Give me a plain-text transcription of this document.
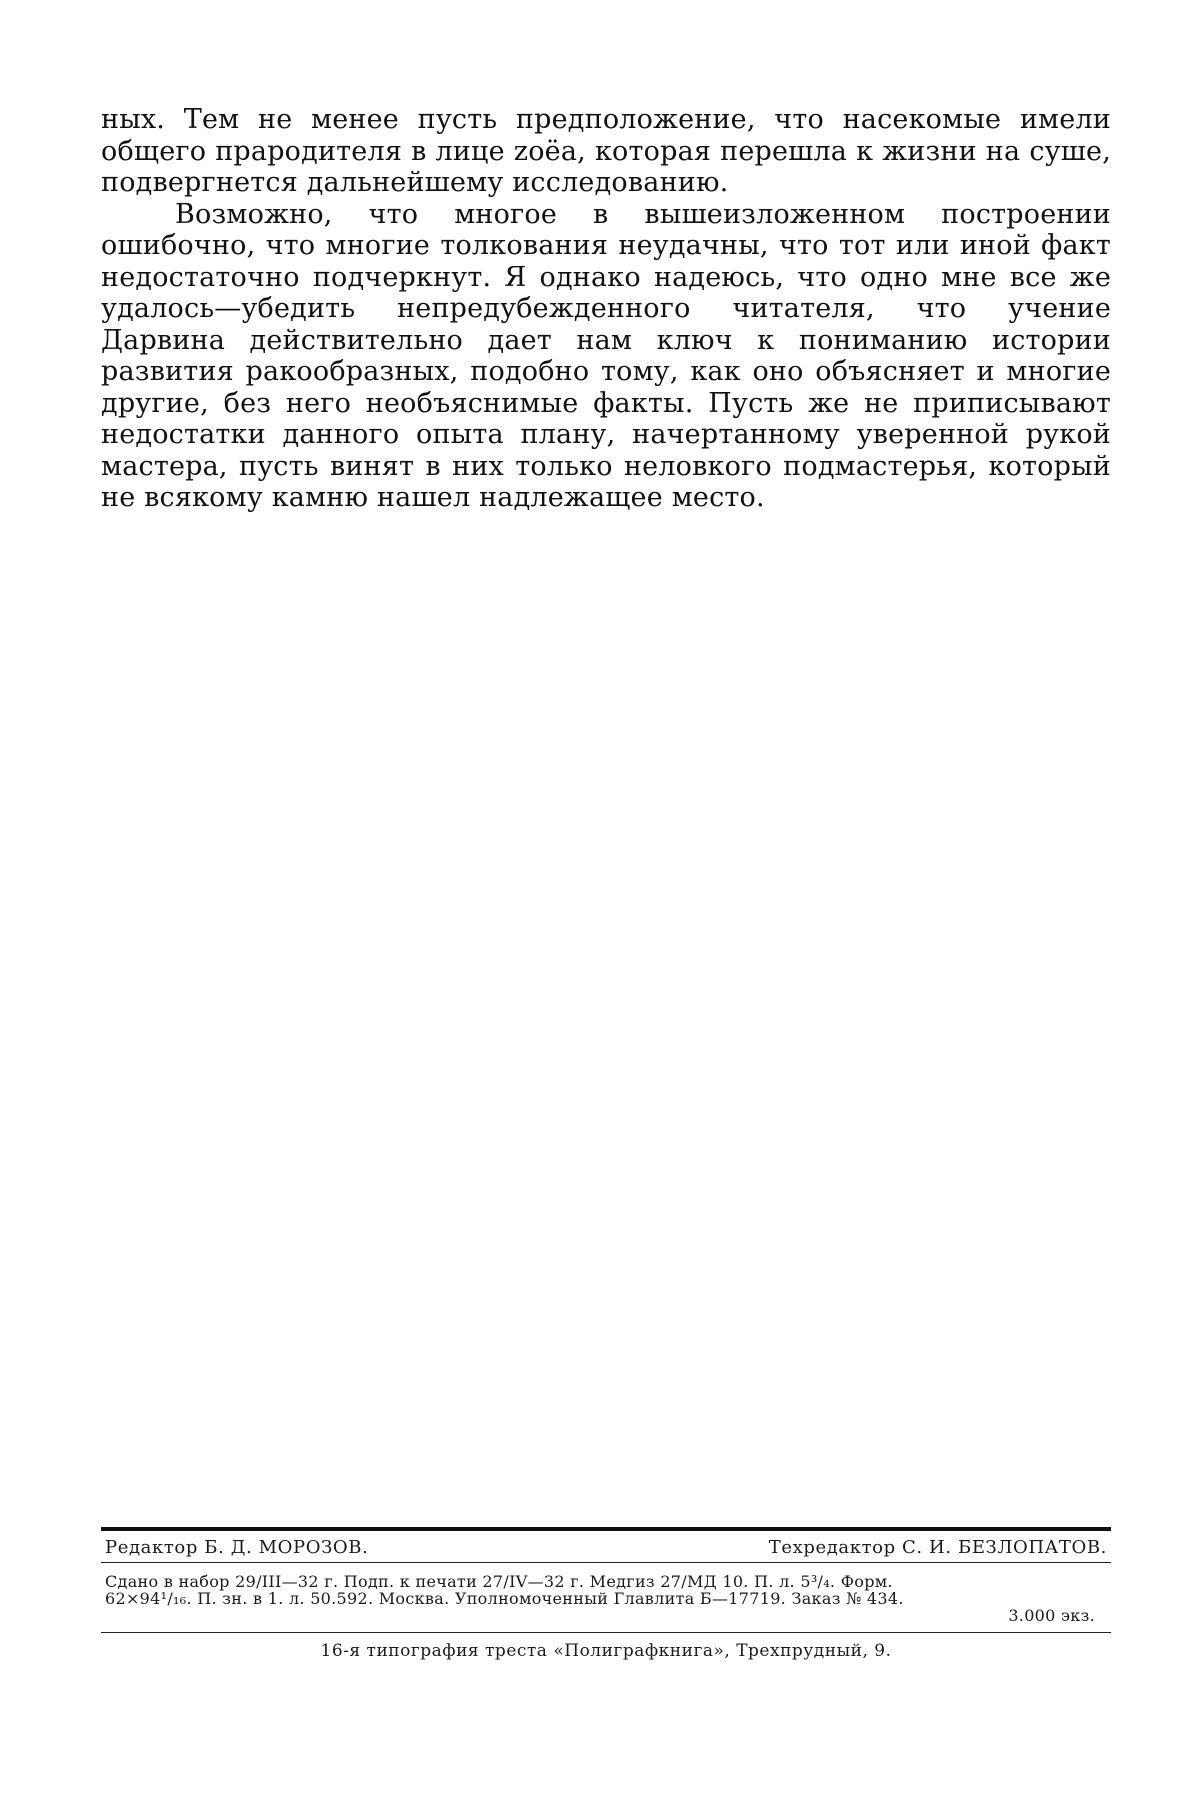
ных. Тем не менее пусть предположение, что насекомые имели общего прародителя в лице zoëa, которая перешла к жизни на суше, подвергнется дальнейшему исследованию.

Возможно, что многое в вышеизложенном построении ошибочно, что многие толкования неудачны, что тот или иной факт недостаточно подчеркнут. Я однако надеюсь, что одно мне все же удалось—убедить непредубежденного читателя, что учение Дарвина действительно дает нам ключ к пониманию истории развития ракообразных, подобно тому, как оно объясняет и многие другие, без него необъяснимые факты. Пусть же не приписывают недостатки данного опыта плану, начертанному уверенной рукой мастера, пусть винят в них только неловкого подмастерья, который не всякому камню нашел надлежащее место.

Редактор Б. Д. МОРОЗОВ.	Техредактор С. И. БЕЗЛОПАТОВ.
Сдано в набор 29/III—32 г. Подп. к печати 27/IV—32 г. Медгиз 27/МД 10. П. л. 5³/₄. Форм.
62×94¹/₁₆. П. зн. в 1. л. 50.592. Москва. Уполномоченный Главлита Б—17719. Заказ № 434.
3.000 экз.
16-я типография треста «Полиграфкнига», Трехпрудный, 9.
